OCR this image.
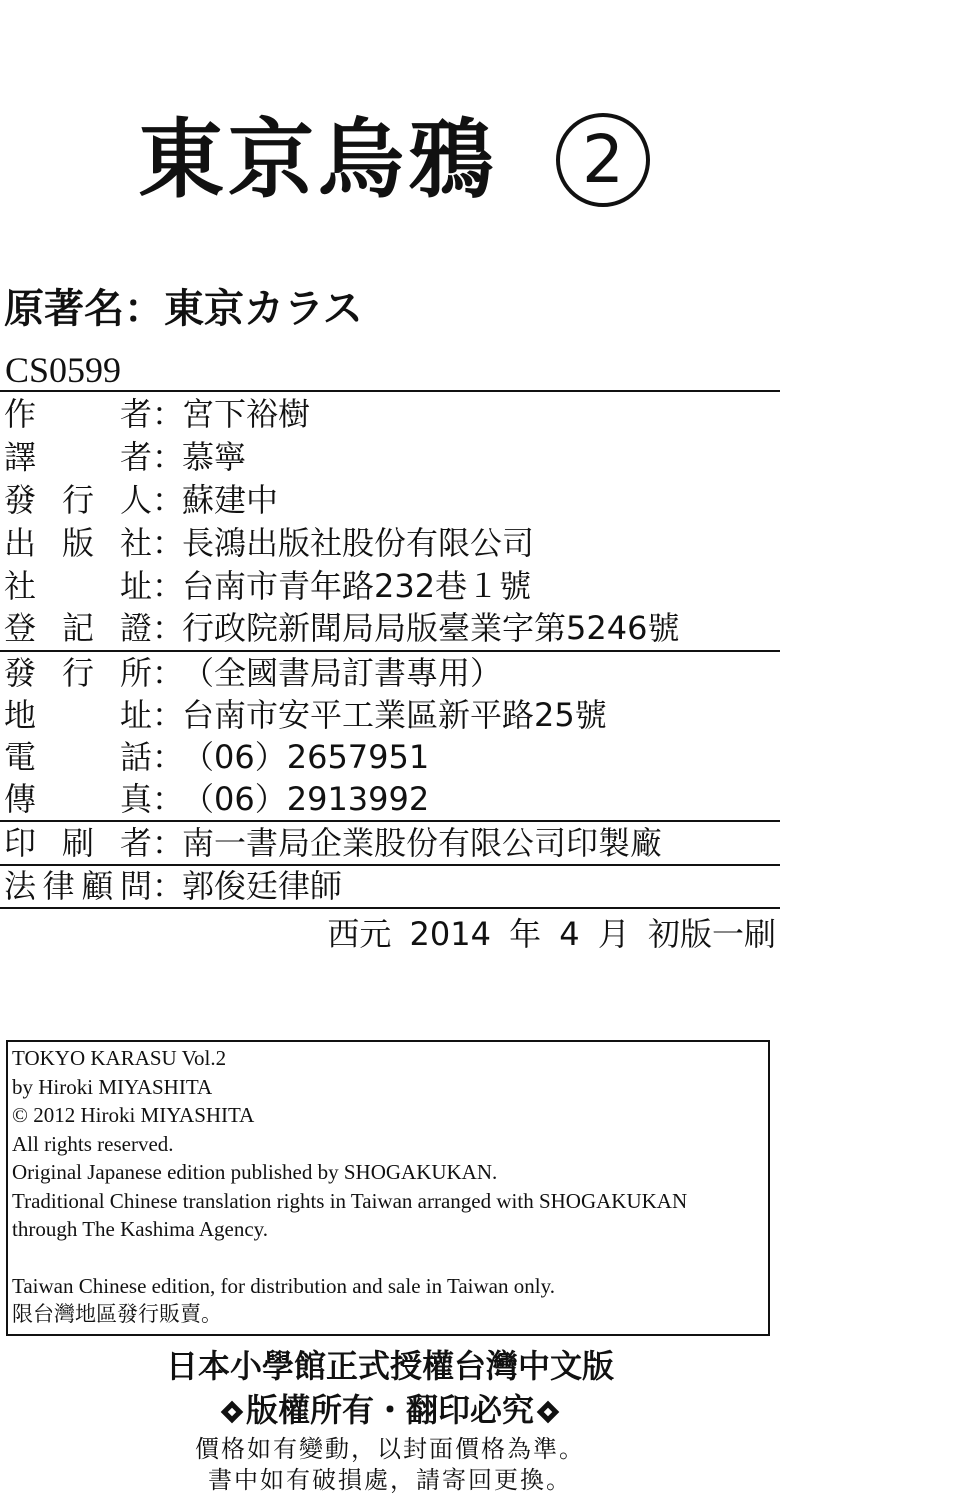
東京烏鴉	2
原著名：東京カラス
CS0599
作	者 ：
宮下裕樹
譯	者 ：
慕寧
發 行 人 ：
蘇建中
出 版 社 ：
長鴻出版社股份有限公司
社	址 ：
台南市青年路232巷１號
登 記 證 ：
行政院新聞局局版臺業字第5246號
發 行 所 ：
（全國書局訂書專用）
地	址 ：
台南市安平工業區新平路25號
電	話 ：
（06）2657951
傳	真 ：
（06）2913992
印 刷 者 ：
南一書局企業股份有限公司印製廠
法 律 顧 問 ：
郭俊廷律師
西元 2014 年 4 月 初版一刷
TOKYO KARASU Vol.2
by Hiroki MIYASHITA
© 2012 Hiroki MIYASHITA
All rights reserved.
Original Japanese edition published by SHOGAKUKAN.
Traditional Chinese translation rights in Taiwan arranged with SHOGAKUKAN
through The Kashima Agency.
Taiwan Chinese edition, for distribution and sale in Taiwan only.
限台灣地區發行販賣。
日本小學館正式授權台灣中文版
版權所有・翻印必究
價格如有變動，以封面價格為準。
書中如有破損處，請寄回更換。
